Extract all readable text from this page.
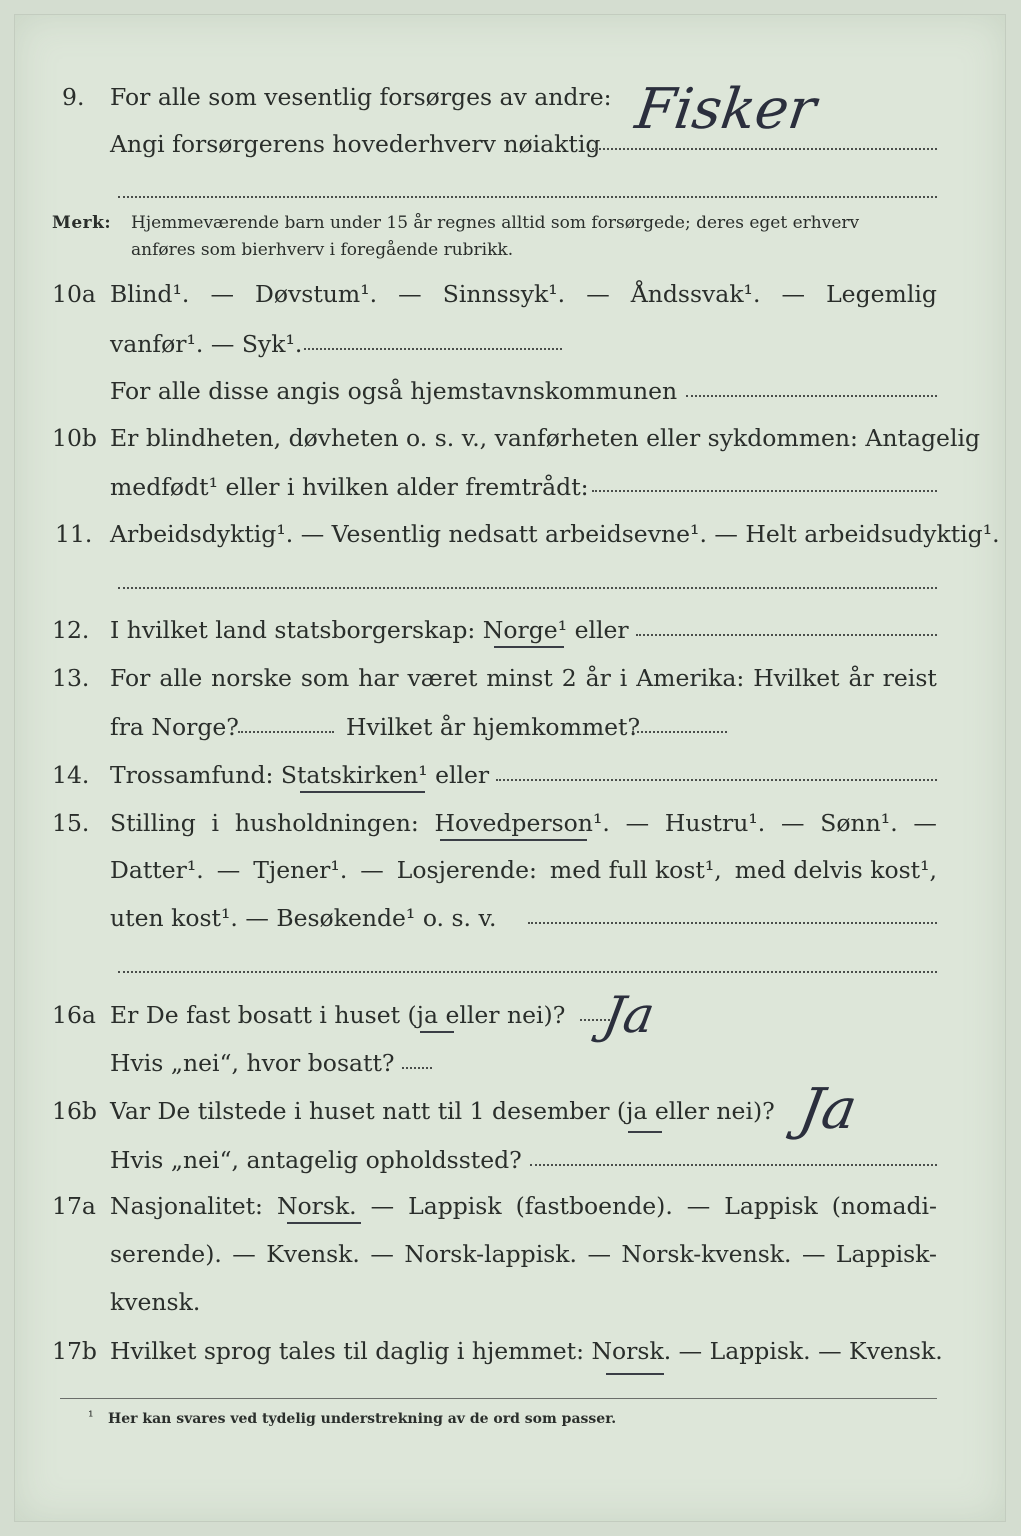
9. For alle som vesentlig forsørges av andre:
Angi forsørgerens hovederhverv nøiaktig
Fisker
Merk: Hjemmeværende barn under 15 år regnes alltid som forsørgede; deres eget erhverv
anføres som bierhverv i foregående rubrikk.
10a Blind¹. — Døvstum¹. — Sinnssyk¹. — Åndssvak¹. — Legemlig
vanfør¹. — Syk¹.
For alle disse angis også hjemstavnskommunen
10b Er blindheten, døvheten o. s. v., vanførheten eller sykdommen: Antagelig
medfødt¹ eller i hvilken alder fremtrådt:
11. Arbeidsdyktig¹. — Vesentlig nedsatt arbeidsevne¹. — Helt arbeidsudyktig¹.
12. I hvilket land statsborgerskap: Norge¹ eller
13. For alle norske som har været minst 2 år i Amerika: Hvilket år reist
fra Norge?	Hvilket år hjemkommet?
14. Trossamfund: Statskirken¹ eller
15. Stilling i husholdningen: Hovedperson¹. — Hustru¹. — Sønn¹. —
Datter¹. — Tjener¹. — Losjerende: med full kost¹, med delvis kost¹,
uten kost¹. — Besøkende¹ o. s. v.
16a Er De fast bosatt i huset (ja eller nei)? Ja
Hvis „nei“, hvor bosatt?
16b Var De tilstede i huset natt til 1 desember (ja eller nei)? Ja
Hvis „nei“, antagelig opholdssted?
17a Nasjonalitet: Norsk. — Lappisk (fastboende). — Lappisk (nomadi-
serende). — Kvensk. — Norsk-lappisk. — Norsk-kvensk. — Lappisk-
kvensk.
17b Hvilket sprog tales til daglig i hjemmet: Norsk. — Lappisk. — Kvensk.
¹ Her kan svares ved tydelig understrekning av de ord som passer.
